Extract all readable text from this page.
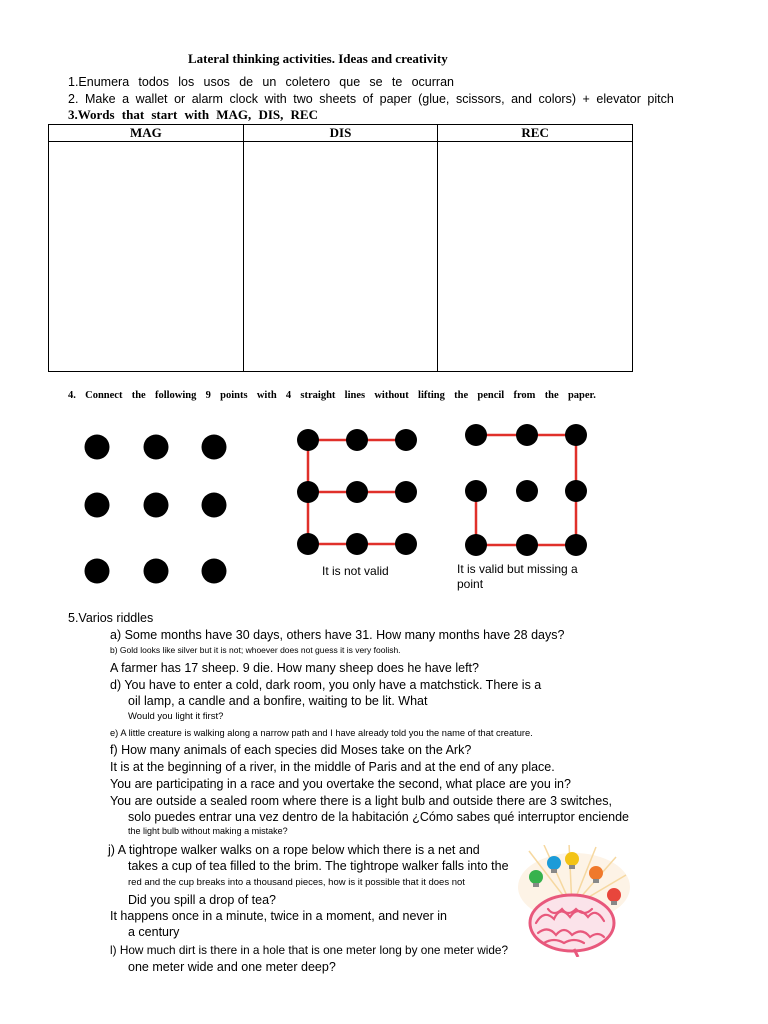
Lateral thinking activities. Ideas and creativity
1.Enumera todos los usos de un coletero que se te ocurran
2. Make a wallet or alarm clock with two sheets of paper (glue, scissors, and colors) + elevator pitch
3.Words that start with MAG, DIS, REC
MAG	DIS	REC

4. Connect the following 9 points with 4 straight lines without lifting the pencil from the paper.
It is not valid	It is valid but missing a point
5.Varios riddles
a) Some months have 30 days, others have 31. How many months have 28 days?
b) Gold looks like silver but it is not; whoever does not guess it is very foolish.
A farmer has 17 sheep. 9 die. How many sheep does he have left?
d) You have to enter a cold, dark room, you only have a matchstick. There is a
oil lamp, a candle and a bonfire, waiting to be lit. What
Would you light it first?
e) A little creature is walking along a narrow path and I have already told you the name of that creature.
f) How many animals of each species did Moses take on the Ark?
It is at the beginning of a river, in the middle of Paris and at the end of any place.
You are participating in a race and you overtake the second, what place are you in?
You are outside a sealed room where there is a light bulb and outside there are 3 switches,
solo puedes entrar una vez dentro de la habitación ¿Cómo sabes qué interruptor enciende
the light bulb without making a mistake?
j) A tightrope walker walks on a rope below which there is a net and
takes a cup of tea filled to the brim. The tightrope walker falls into the
red and the cup breaks into a thousand pieces, how is it possible that it does not
Did you spill a drop of tea?
It happens once in a minute, twice in a moment, and never in
a century
l) How much dirt is there in a hole that is one meter long by one meter wide?
one meter wide and one meter deep?
